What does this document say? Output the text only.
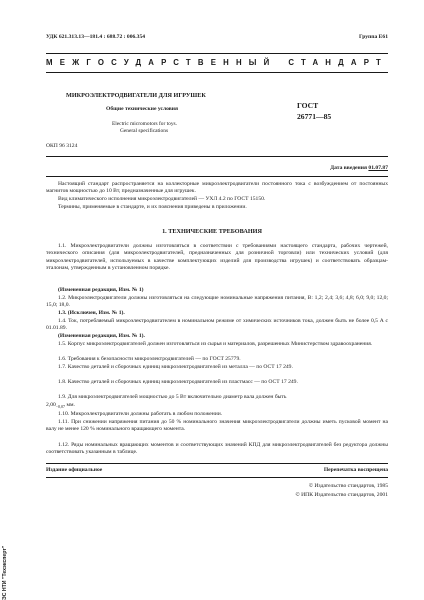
УДК 621.313.13—181.4 : 688.72 : 006.354	Группа Е61
МЕЖГОСУДАРСТВЕННЫЙ СТАНДАРТ
МИКРОЭЛЕКТРОДВИГАТЕЛИ ДЛЯ ИГРУШЕК
Общие технические условия
Electric micromotors for toys.
General specifications
ГОСТ
26771—85
ОКП 96 3124
Дата введения 01.07.87
Настоящий стандарт распространяется на коллекторные микроэлектродвигатели постоянного тока с возбуждением от постоянных магнитов мощностью до 10 Вт, предназначенные для игрушек.
Вид климатического исполнения микроэлектродвигателей — УХЛ 4.2 по ГОСТ 15150.
Термины, применяемые в стандарте, и их пояснения приведены в приложении.
1. ТЕХНИЧЕСКИЕ ТРЕБОВАНИЯ
1.1. Микроэлектродвигатели должны изготовляться в соответствии с требованиями настоящего стандарта, рабочих чертежей, технического описания (для микроэлектродвигателей, предназначенных для розничной торговли) или технических условий (для микроэлектродвигателей, используемых в качестве комплектующих изделий для производства игрушек) и соответствовать образцам-эталонам, утвержденным в установленном порядке.
(Измененная редакция, Изм. № 1)
1.2. Микроэлектродвигатели должны изготовляться на следующие номинальные напряжения питания, В: 1,2; 2,4; 3,6; 4,8; 6,0; 9,0; 12,0; 15,0; 18,0.
1.3. (Исключен, Изм. № 1).
1.4. Ток, потребляемый микроэлектродвигателем в номинальном режиме от химических источников тока, должен быть не более 0,5 А с 01.01.89.
(Измененная редакция, Изм. № 1).
1.5. Корпус микроэлектродвигателей должен изготовляться из сырья и материалов, разрешенных Министерством здравоохранения.
1.6. Требования к безопасности микроэлектродвигателей — по ГОСТ 25779.
1.7. Качество деталей и сборочных единиц микроэлектродвигателей из металла — по ОСТ 17 249.
1.8. Качество деталей и сборочных единиц микроэлектродвигателей из пластмасс — по ОСТ 17 249.
1.9. Для микроэлектродвигателей мощностью до 5 Вт включительно диаметр вала должен быть
$2,00_{-0,07}$ мм.
1.10. Микроэлектродвигатели должны работать в любом положении.
1.11. При снижении напряжения питания до 50 % номинального значения микроэлектродвигатели должны иметь пусковой момент на валу не менее 120 % номинального вращающего момента.
1.12. Ряды номинальных вращающих моментов и соответствующих значений КПД для микроэлектродвигателей без редуктора должны соответствовать указанным в таблице.
Издание официальное	Перепечатка воспрещена
© Издательство стандартов, 1985
© ИПК Издательство стандартов, 2001
ЭС НТИ "Техэксперт"
